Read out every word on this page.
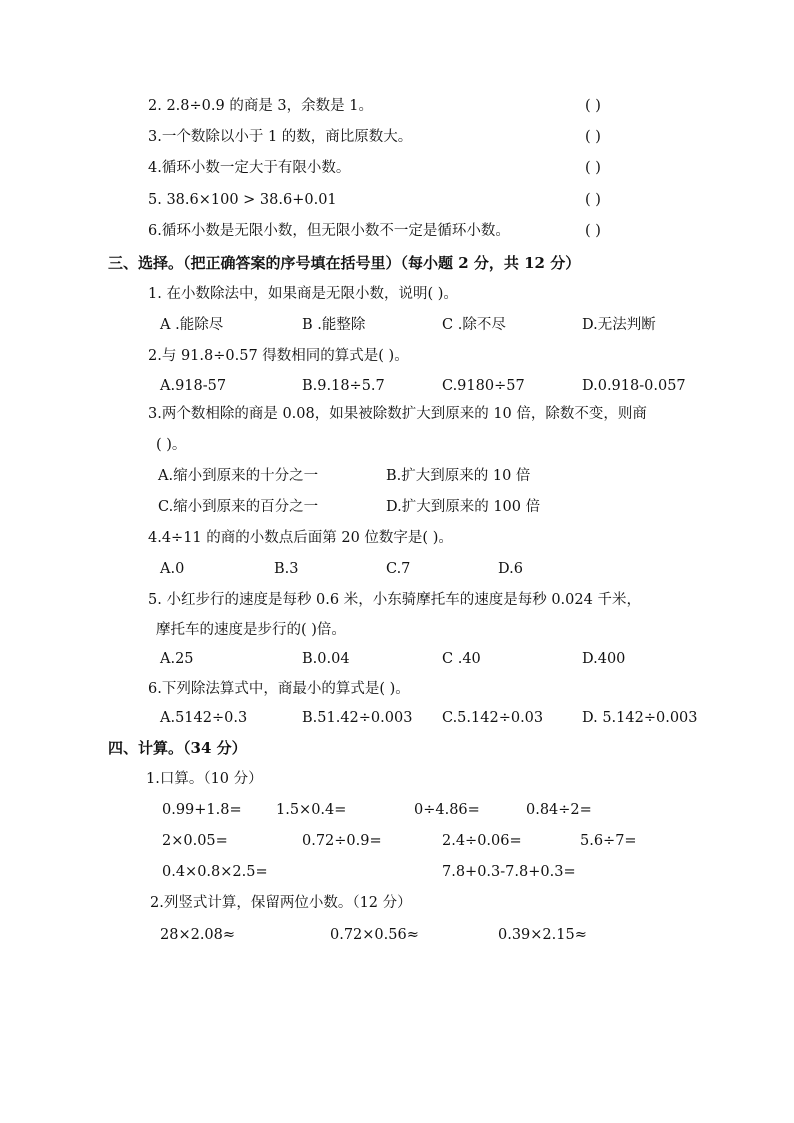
2. 2.8÷0.9 的商是 3，余数是 1。	( )
3.一个数除以小于 1 的数，商比原数大。	( )
4.循环小数一定大于有限小数。	( )
5. 38.6×100 > 38.6+0.01	( )
6.循环小数是无限小数，但无限小数不一定是循环小数。	( )
三、选择。（把正确答案的序号填在括号里）（每小题 2 分，共 12 分）
1. 在小数除法中，如果商是无限小数，说明( )。
A .能除尽	B .能整除	C .除不尽	D.无法判断
2.与 91.8÷0.57 得数相同的算式是( )。
A.918-57	B.9.18÷5.7	C.9180÷57	D.0.918-0.057
3.两个数相除的商是 0.08，如果被除数扩大到原来的 10 倍，除数不变，则商
( )。
A.缩小到原来的十分之一	B.扩大到原来的 10 倍
C.缩小到原来的百分之一	D.扩大到原来的 100 倍
4.4÷11 的商的小数点后面第 20 位数字是( )。
A.0	B.3	C.7	D.6
5. 小红步行的速度是每秒 0.6 米，小东骑摩托车的速度是每秒 0.024 千米，
摩托车的速度是步行的( )倍。
A.25	B.0.04	C .40	D.400
6.下列除法算式中，商最小的算式是( )。
A.5142÷0.3	B.51.42÷0.003 C.5.142÷0.03	D. 5.142÷0.003
四、计算。（34 分）
1.口算。（10 分）
0.99+1.8= 1.5×0.4=	0÷4.86=	0.84÷2=
2×0.05=	0.72÷0.9=	2.4÷0.06=	5.6÷7=
0.4×0.8×2.5=	7.8+0.3-7.8+0.3=
2.列竖式计算，保留两位小数。（12 分）
28×2.08≈	0.72×0.56≈	0.39×2.15≈
